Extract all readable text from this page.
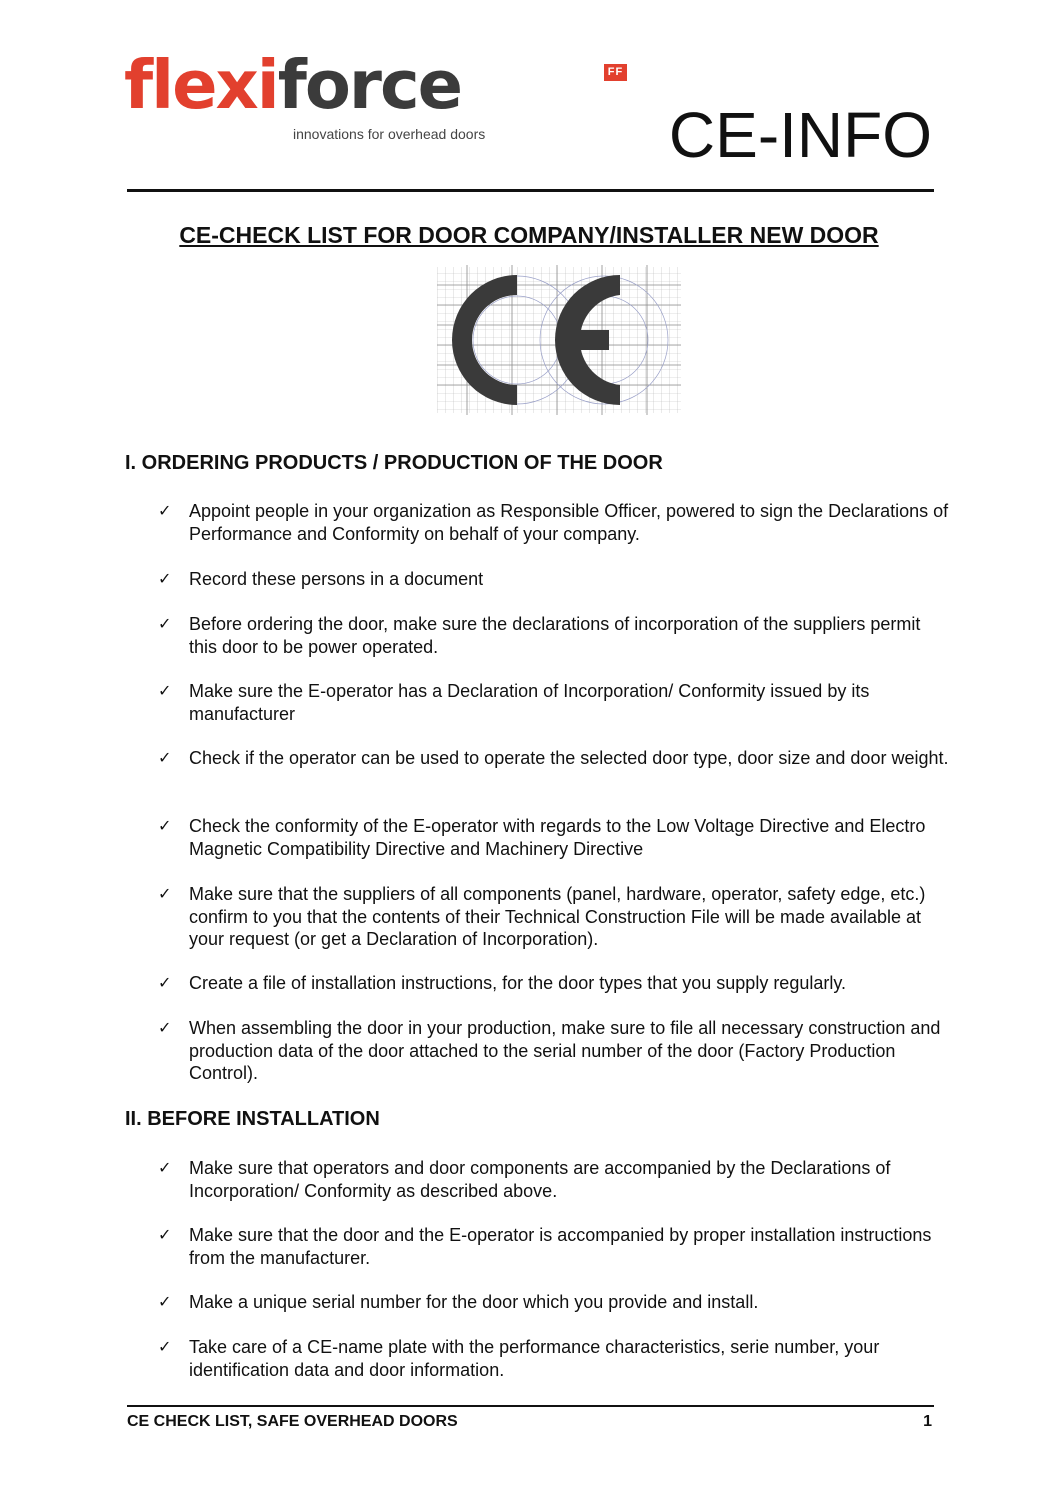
flexiforce	FF
innovations for overhead doors	CE-INFO
CE-CHECK LIST FOR DOOR COMPANY/INSTALLER NEW DOOR
I. ORDERING PRODUCTS / PRODUCTION OF THE DOOR
✓ Appoint people in your organization as Responsible Officer, powered to sign the Declarations of Performance and Conformity on behalf of your company.
✓ Record these persons in a document
✓ Before ordering the door, make sure the declarations of incorporation of the suppliers permit this door to be power operated.
✓ Make sure the E-operator has a Declaration of Incorporation/ Conformity issued by its manufacturer
✓ Check if the operator can be used to operate the selected door type, door size and door weight.
✓ Check the conformity of the E-operator with regards to the Low Voltage Directive and Electro Magnetic Compatibility Directive and Machinery Directive
✓ Make sure that the suppliers of all components (panel, hardware, operator, safety edge, etc.) confirm to you that the contents of their Technical Construction File will be made available at your request (or get a Declaration of Incorporation).
✓ Create a file of installation instructions, for the door types that you supply regularly.
✓ When assembling the door in your production, make sure to file all necessary construction and production data of the door attached to the serial number of the door (Factory Production Control).
II. BEFORE INSTALLATION
✓ Make sure that operators and door components are accompanied by the Declarations of Incorporation/ Conformity as described above.
✓ Make sure that the door and the E-operator is accompanied by proper installation instructions from the manufacturer.
✓ Make a unique serial number for the door which you provide and install.
✓ Take care of a CE-name plate with the performance characteristics, serie number, your identification data and door information.
CE CHECK LIST, SAFE OVERHEAD DOORS	1
